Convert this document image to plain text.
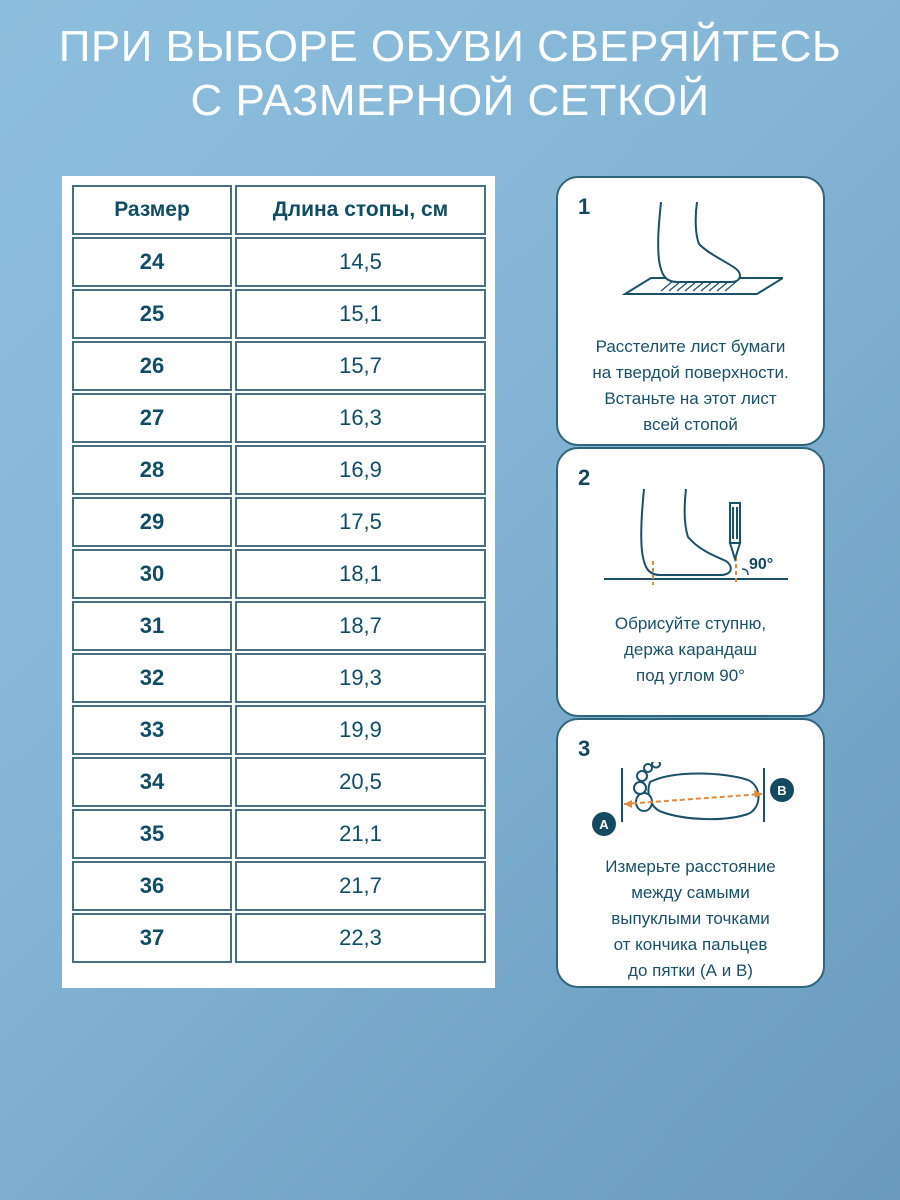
ПРИ ВЫБОРЕ ОБУВИ СВЕРЯЙТЕСЬ
С РАЗМЕРНОЙ СЕТКОЙ
Размер	Длина стопы, см
24	14,5
25	15,1
26	15,7
27	16,3
28	16,9
29	17,5
30	18,1
31	18,7
32	19,3
33	19,9
34	20,5
35	21,1
36	21,7
37	22,3
1
Расстелите лист бумаги
на твердой поверхности.
Встаньте на этот лист
всей стопой
2
90°
Обрисуйте ступню,
держа карандаш
под углом 90°
3
A
B
Измерьте расстояние
между самыми
выпуклыми точками
от кончика пальцев
до пятки (А и В)
